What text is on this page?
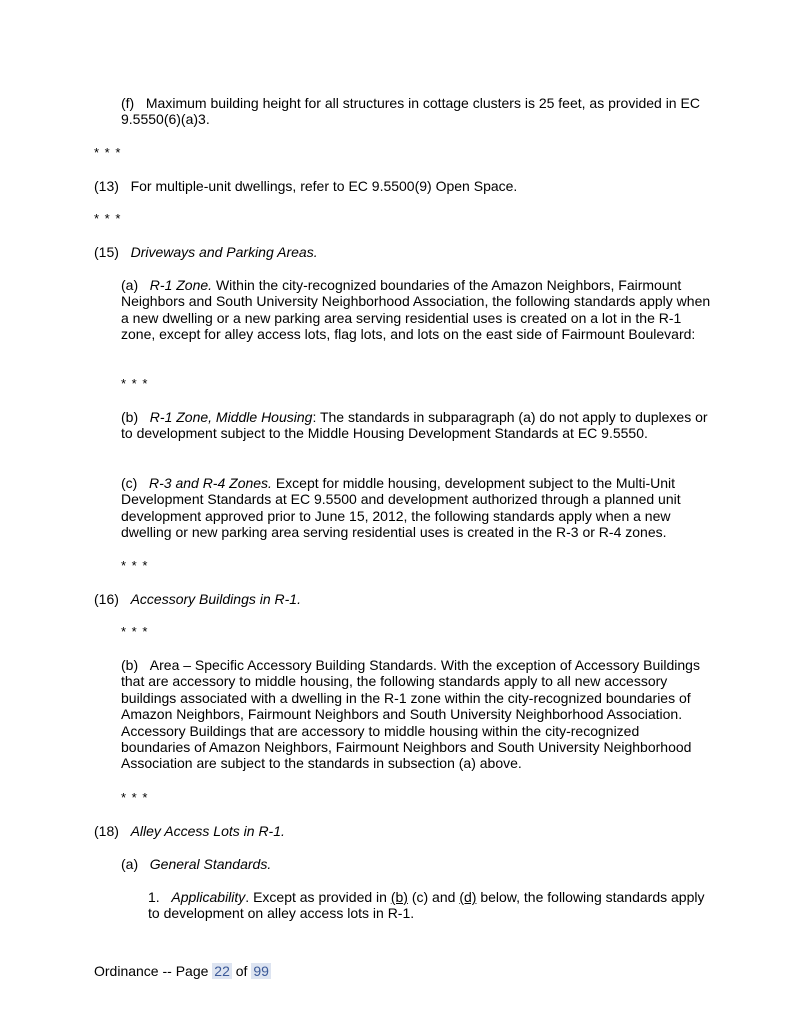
(f) Maximum building height for all structures in cottage clusters is 25 feet, as provided in EC 9.5550(6)(a)3.

* * *

(13) For multiple-unit dwellings, refer to EC 9.5500(9) Open Space.

* * *

(15) Driveways and Parking Areas.

(a) R-1 Zone. Within the city-recognized boundaries of the Amazon Neighbors, Fairmount Neighbors and South University Neighborhood Association, the following standards apply when a new dwelling or a new parking area serving residential uses is created on a lot in the R-1 zone, except for alley access lots, flag lots, and lots on the east side of Fairmount Boulevard:

* * *

(b) R-1 Zone, Middle Housing: The standards in subparagraph (a) do not apply to duplexes or to development subject to the Middle Housing Development Standards at EC 9.5550.

(c) R-3 and R-4 Zones. Except for middle housing, development subject to the Multi-Unit Development Standards at EC 9.5500 and development authorized through a planned unit development approved prior to June 15, 2012, the following standards apply when a new dwelling or new parking area serving residential uses is created in the R-3 or R-4 zones.

* * *

(16) Accessory Buildings in R-1.

* * *

(b) Area – Specific Accessory Building Standards. With the exception of Accessory Buildings that are accessory to middle housing, the following standards apply to all new accessory buildings associated with a dwelling in the R-1 zone within the city-recognized boundaries of Amazon Neighbors, Fairmount Neighbors and South University Neighborhood Association. Accessory Buildings that are accessory to middle housing within the city-recognized boundaries of Amazon Neighbors, Fairmount Neighbors and South University Neighborhood Association are subject to the standards in subsection (a) above.

* * *

(18) Alley Access Lots in R-1.

(a) General Standards.

1. Applicability. Except as provided in (b) (c) and (d) below, the following standards apply to development on alley access lots in R-1.

Ordinance -- Page 22 of 99
